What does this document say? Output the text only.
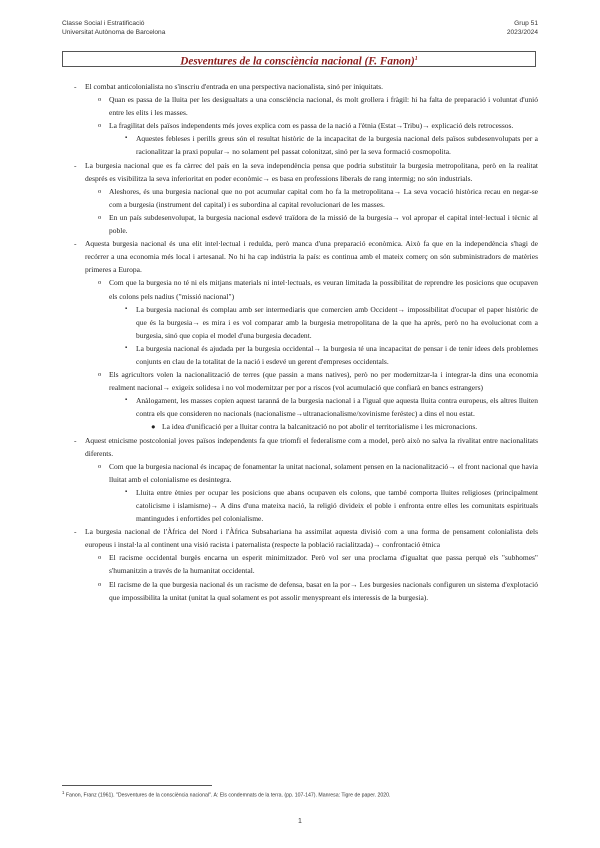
Classe Social i Estratificació
Universitat Autònoma de Barcelona
Grup 51
2023/2024
Desventures de la consciència nacional (F. Fanon)$^1$
- El combat anticolonialista no s'inscriu d'entrada en una perspectiva nacionalista, sinó per iniquitats.
o Quan es passa de la lluita per les desigualtats a una consciència nacional, és molt grollera i fràgil: hi ha falta de preparació i voluntat d'unió entre les elits i les masses.
o La fragilitat dels països independents més joves explica com es passa de la nació a l'ètnia (Estat→Tribu)→ explicació dels retrocessos.
▪ Aquestes febleses i perills greus són el resultat històric de la incapacitat de la burgesia nacional dels països subdesenvolupats per a racionalitzar la praxi popular→ no solament pel passat colonitzat, sinó per la seva formació cosmopolita.
- La burgesia nacional que es fa càrrec del país en la seva independència pensa que podria substituir la burgesia metropolitana, però en la realitat després es visibilitza la seva inferioritat en poder econòmic→ es basa en professions liberals de rang intermig; no són industrials.
o Aleshores, és una burgesia nacional que no pot acumular capital com ho fa la metropolitana→ La seva vocació històrica recau en negar-se com a burgesia (instrument del capital) i es subordina al capital revolucionari de les masses.
o En un país subdesenvolupat, la burgesia nacional esdevé traïdora de la missió de la burgesia→ vol apropar el capital intel·lectual i tècnic al poble.
- Aquesta burgesia nacional és una elit intel·lectual i reduïda, però manca d'una preparació econòmica. Això fa que en la independència s'hagi de recórrer a una economia més local i artesanal. No hi ha cap indústria la país: es continua amb el mateix comerç on són subministradors de matèries primeres a Europa.
o Com que la burgesia no té ni els mitjans materials ni intel·lectuals, es veuran limitada la possibilitat de reprendre les posicions que ocupaven els colons pels nadius ("missió nacional")
▪ La burgesia nacional és complau amb ser intermediaris que comercien amb Occident→ impossibilitat d'ocupar el paper històric de que és la burgesia→ es mira i es vol comparar amb la burgesia metropolitana de la que ha après, però no ha evolucionat com a burgesia, sinó que copia el model d'una burgesia decadent.
▪ La burgesia nacional és ajudada per la burgesia occidental→ la burgesia té una incapacitat de pensar i de tenir idees dels problemes conjunts en clau de la totalitat de la nació i esdevé un gerent d'empreses occidentals.
o Els agricultors volen la nacionalització de terres (que passin a mans natives), però no per modernitzar-la i integrar-la dins una economia realment nacional→ exigeix solidesa i no vol modernitzar per por a riscos (vol acumulació que confiarà en bancs estrangers)
▪ Anàlogament, les masses copien aquest taranná de la burgesia nacional i a l'igual que aquesta lluita contra europeus, els altres lluiten contra els que consideren no nacionals (nacionalisme→ultranacionalisme/xovinisme feréstec) a dins el nou estat.
● La idea d'unificació per a lluitar contra la balcanització no pot abolir el territorialisme i les micronacions.
- Aquest etnicisme postcolonial joves països independents fa que triomfi el federalisme com a model, però això no salva la rivalitat entre nacionalitats diferents.
o Com que la burgesia nacional és incapaç de fonamentar la unitat nacional, solament pensen en la nacionalització→ el front nacional que havia lluitat amb el colonialisme es desintegra.
▪ Lluita entre ètnies per ocupar les posicions que abans ocupaven els colons, que també comporta lluites religioses (principalment catolicisme i islamisme)→ A dins d'una mateixa nació, la religió divideix el poble i enfronta entre elles les comunitats espirituals mantingudes i enfortides pel colonialisme.
- La burgesia nacional de l'Àfrica del Nord i l'Àfrica Subsahariana ha assimilat aquesta divisió com a una forma de pensament colonialista dels europeus i instal·la al continent una visió racista i paternalista (respecte la població racialitzada)→ confrontació ètnica
o El racisme occidental burgès encarna un esperit minimitzador. Però vol ser una proclama d'igualtat que passa perquè els "subhomes" s'humanitzin a través de la humanitat occidental.
o El racisme de la que burgesia nacional és un racisme de defensa, basat en la por→ Les burgesies nacionals configuren un sistema d'explotació que impossibilita la unitat (unitat la qual solament es pot assolir menyspreant els interessis de la burgesia).
$^1$ Fanon, Franz (1961). "Desventures de la consciència nacional". A: Els condemnats de la terra. (pp. 107-147). Manresa: Tigre de paper. 2020.
1
